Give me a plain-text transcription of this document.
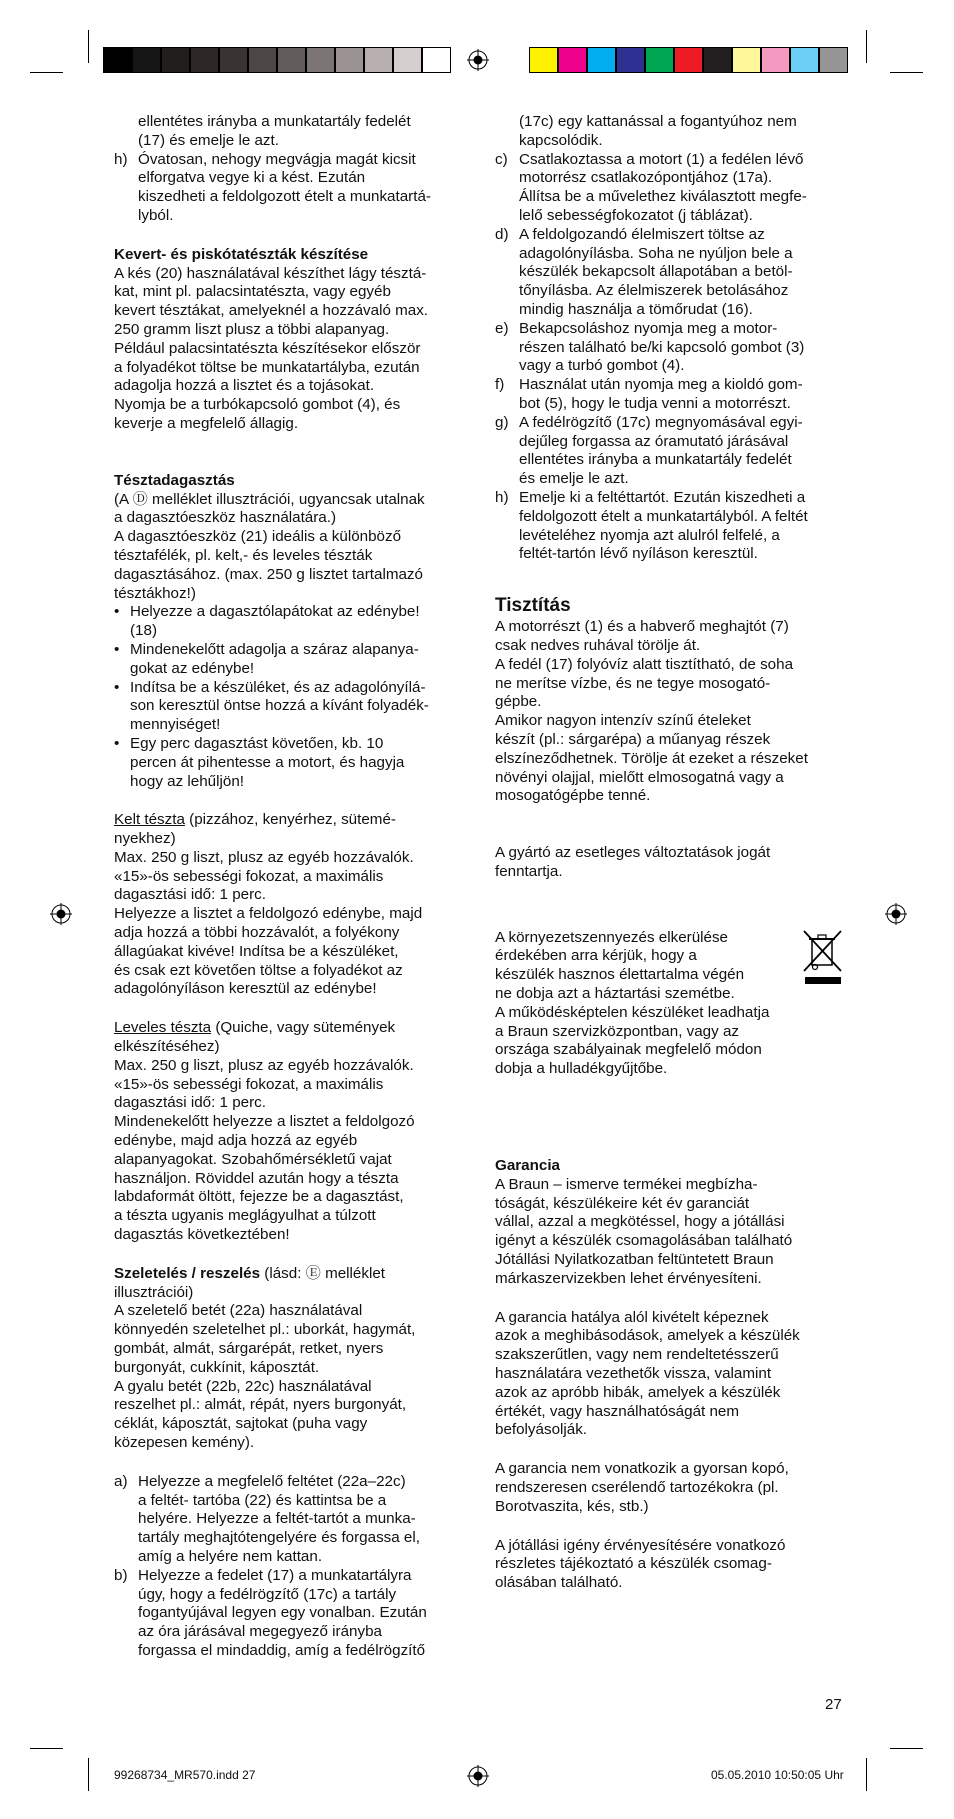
ellentétes irányba a munkatartály fedelét

(17) és emelje le azt.

h) Óvatosan, nehogy megvágja magát kicsit

elforgatva vegye ki a kést. Ezután

kiszedheti a feldolgozott ételt a munkatartá-

lyból.

Kevert- és piskótatészták készítése

A kés (20) használatával készíthet lágy tésztá-

kat, mint pl. palacsintatészta, vagy egyéb

kevert tésztákat, amelyeknél a hozzávaló max.

250 gramm liszt plusz a többi alapanyag.

Például palacsintatészta készítésekor először

a folyadékot töltse be munkatartályba, ezután

adagolja hozzá a lisztet és a tojásokat.

Nyomja be a turbókapcsoló gombot (4), és

keverje a megfelelő állagig.

Tésztadagasztás

(A Ⓓ melléklet illusztrációi, ugyancsak utalnak

a dagasztóeszköz használatára.)

A dagasztóeszköz (21) ideális a különböző

tésztafélék, pl. kelt,- és leveles tészták

dagasztásához. (max. 250 g lisztet tartalmazó

tésztákhoz!)

• Helyezze a dagasztólapátokat az edénybe!

(18)

• Mindenekelőtt adagolja a száraz alapanya-

gokat az edénybe!

• Indítsa be a készüléket, és az adagolónyílá-

son keresztül öntse hozzá a kívánt folyadék-

mennyiséget!

• Egy perc dagasztást követően, kb. 10

percen át pihentesse a motort, és hagyja

hogy az lehűljön!

Kelt tészta (pizzához, kenyérhez, sütemé-

nyekhez)

Max. 250 g liszt, plusz az egyéb hozzávalók.

«15»-ös sebességi fokozat, a maximális

dagasztási idő: 1 perc.

Helyezze a lisztet a feldolgozó edénybe, majd

adja hozzá a többi hozzávalót, a folyékony

állagúakat kivéve! Indítsa be a készüléket,

és csak ezt követően töltse a folyadékot az

adagolónyíláson keresztül az edénybe!

Leveles tészta (Quiche, vagy sütemények

elkészítéséhez)

Max. 250 g liszt, plusz az egyéb hozzávalók.

«15»-ös sebességi fokozat, a maximális

dagasztási idő: 1 perc.

Mindenekelőtt helyezze a lisztet a feldolgozó

edénybe, majd adja hozzá az egyéb

alapanyagokat. Szobahőmérsékletű vajat

használjon. Röviddel azután hogy a tészta

labdaformát öltött, fejezze be a dagasztást,

a tészta ugyanis meglágyulhat a túlzott

dagasztás következtében!

Szeletelés / reszelés (lásd: Ⓔ melléklet

illusztrációi)

A szeletelő betét (22a) használatával

könnyedén szeletelhet pl.: uborkát, hagymát,

gombát, almát, sárgarépát, retket, nyers

burgonyát, cukkínit, káposztát.

A gyalu betét (22b, 22c) használatával

reszelhet pl.: almát, répát, nyers burgonyát,

céklát, káposztát, sajtokat (puha vagy

közepesen kemény).

a) Helyezze a megfelelő feltétet (22a–22c)

a feltét- tartóba (22) és kattintsa be a

helyére. Helyezze a feltét-tartót a munka-

tartály meghajtótengelyére és forgassa el,

amíg a helyére nem kattan.

b) Helyezze a fedelet (17) a munkatartályra

úgy, hogy a fedélrögzítő (17c) a tartály

fogantyújával legyen egy vonalban. Ezután

az óra járásával megegyező irányba

forgassa el mindaddig, amíg a fedélrögzítő

(17c) egy kattanással a fogantyúhoz nem

kapcsolódik.

c) Csatlakoztassa a motort (1) a fedélen lévő

motorrész csatlakozópontjához (17a).

Állítsa be a művelethez kiválasztott megfe-

lelő sebességfokozatot (j táblázat).

d) A feldolgozandó élelmiszert töltse az

adagolónyílásba. Soha ne nyúljon bele a

készülék bekapcsolt állapotában a betöl-

tőnyílásba. Az élelmiszerek betolásához

mindig használja a tömőrudat (16).

e) Bekapcsoláshoz nyomja meg a motor-

részen található be/ki kapcsoló gombot (3)

vagy a turbó gombot (4).

f) Használat után nyomja meg a kioldó gom-

bot (5), hogy le tudja venni a motorrészt.

g) A fedélrögzítő (17c) megnyomásával egyi-

dejűleg forgassa az óramutató járásával

ellentétes irányba a munkatartály fedelét

és emelje le azt.

h) Emelje ki a feltéttartót. Ezután kiszedheti a

feldolgozott ételt a munkatartályból. A feltét

levételéhez nyomja azt alulról felfelé, a

feltét-tartón lévő nyíláson keresztül.

Tisztítás

A motorrészt (1) és a habverő meghajtót (7)

csak nedves ruhával törölje át.

A fedél (17) folyóvíz alatt tisztítható, de soha

ne merítse vízbe, és ne tegye mosogató-

gépbe.

Amikor nagyon intenzív színű ételeket

készít (pl.: sárgarépa) a műanyag részek

elszíneződhetnek. Törölje át ezeket a részeket

növényi olajjal, mielőtt elmosogatná vagy a

mosogatógépbe tenné.

A gyártó az esetleges változtatások jogát

fenntartja.

A környezetszennyezés elkerülése

érdekében arra kérjük, hogy a

készülék hasznos élettartalma végén

ne dobja azt a háztartási szemétbe.

A működésképtelen készüléket leadhatja

a Braun szervizközpontban, vagy az

országa szabályainak megfelelő módon

dobja a hulladékgyűjtőbe.

Garancia

A Braun – ismerve termékei megbízha-

tóságát, készülékeire két év garanciát

vállal, azzal a megkötéssel, hogy a jótállási

igényt a készülék csomagolásában található

Jótállási Nyilatkozatban feltüntetett Braun

márkaszervizekben lehet érvényesíteni.

A garancia hatálya alól kivételt képeznek

azok a meghibásodások, amelyek a készülék

szakszerűtlen, vagy nem rendeltetésszerű

használatára vezethetők vissza, valamint

azok az apróbb hibák, amelyek a készülék

értékét, vagy használhatóságát nem

befolyásolják.

A garancia nem vonatkozik a gyorsan kopó,

rendszeresen cserélendő tartozékokra (pl.

Borotvaszita, kés, stb.)

A jótállási igény érvényesítésére vonatkozó

részletes tájékoztató a készülék csomag-

olásában található.

27
99268734_MR570.indd 27	05.05.2010 10:50:05 Uhr
